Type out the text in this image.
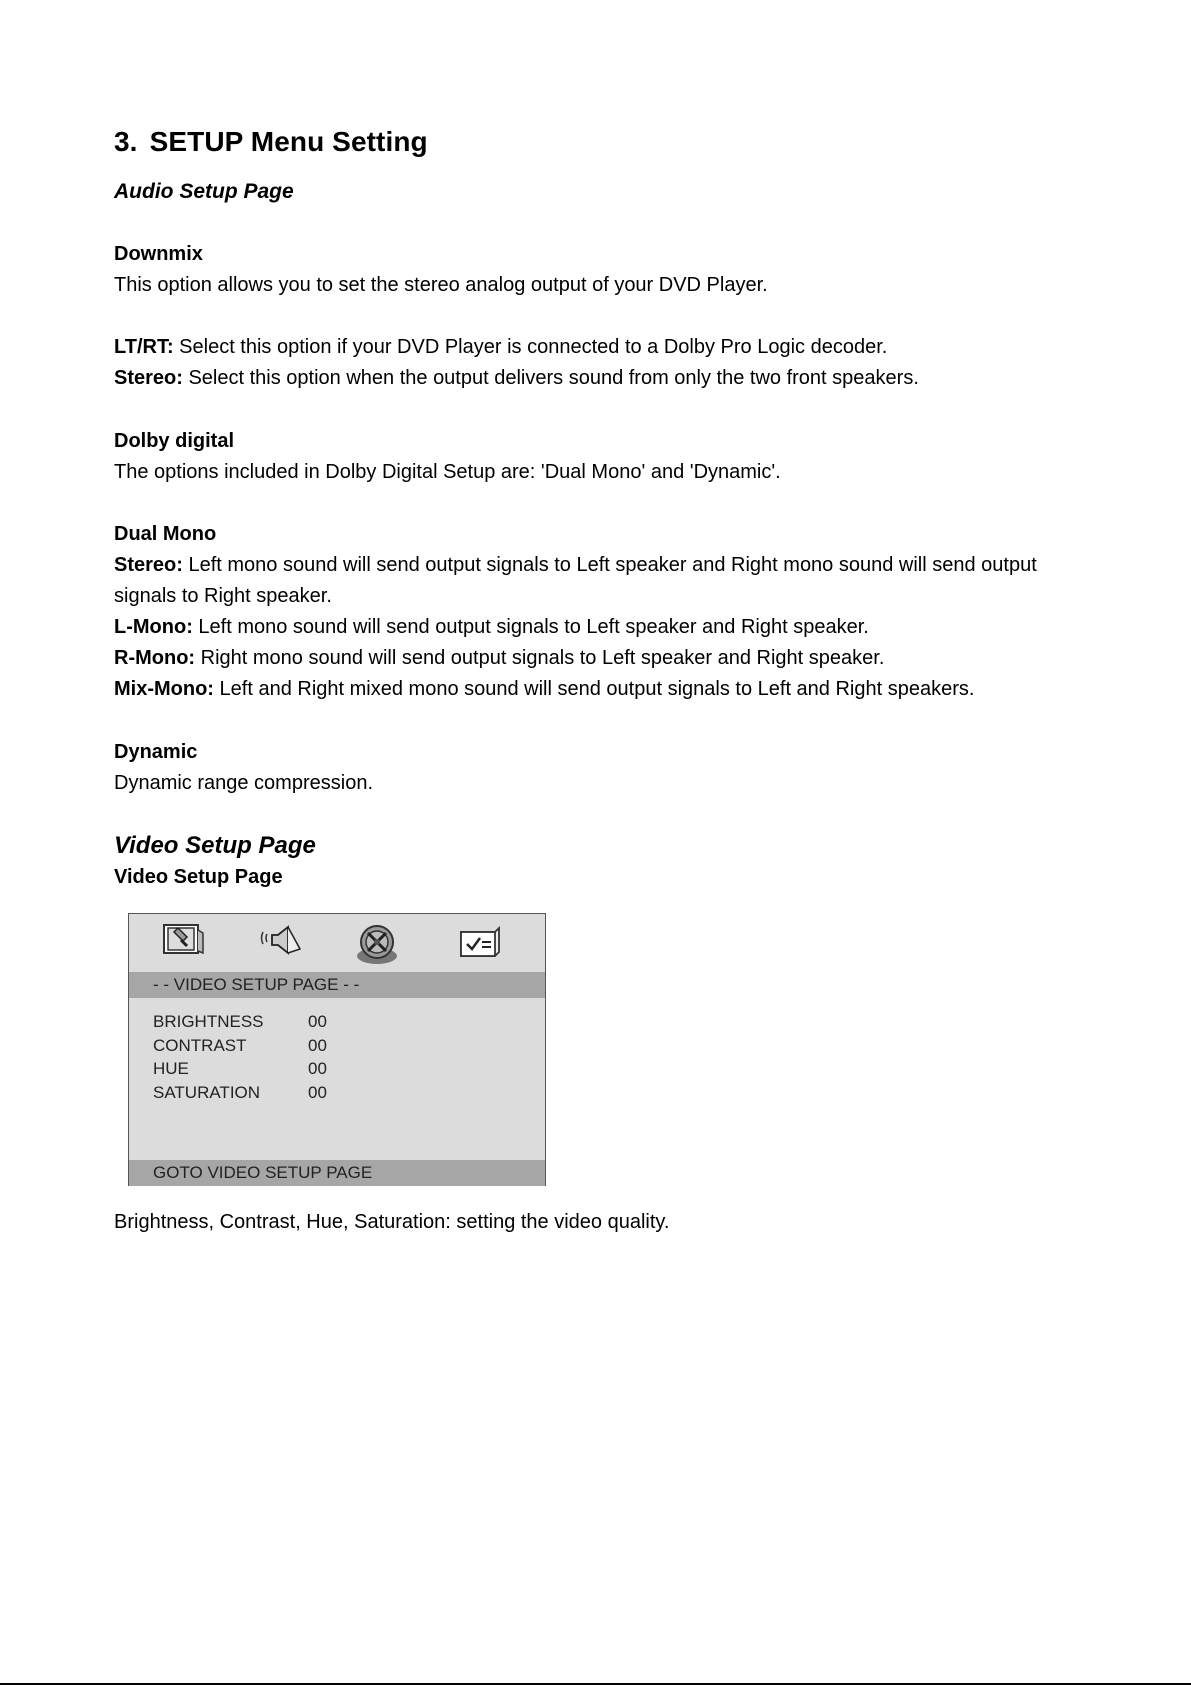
3. SETUP Menu Setting
Audio Setup Page
Downmix
This option allows you to set the stereo analog output of your DVD Player.
LT/RT: Select this option if your DVD Player is connected to a Dolby Pro Logic decoder.
Stereo: Select this option when the output delivers sound from only the two front speakers.
Dolby digital
The options included in Dolby Digital Setup are: 'Dual Mono' and 'Dynamic'.
Dual Mono
Stereo: Left mono sound will send output signals to Left speaker and Right mono sound will send output
signals to Right speaker.
L-Mono: Left mono sound will send output signals to Left speaker and Right speaker.
R-Mono: Right mono sound will send output signals to Left speaker and Right speaker.
Mix-Mono: Left and Right mixed mono sound will send output signals to Left and Right speakers.
Dynamic
Dynamic range compression.
Video Setup Page
Video Setup Page
- - VIDEO SETUP PAGE - -
BRIGHTNESS	00
CONTRAST	00
HUE	00
SATURATION	00
GOTO VIDEO SETUP PAGE
Brightness, Contrast, Hue, Saturation: setting the video quality.
